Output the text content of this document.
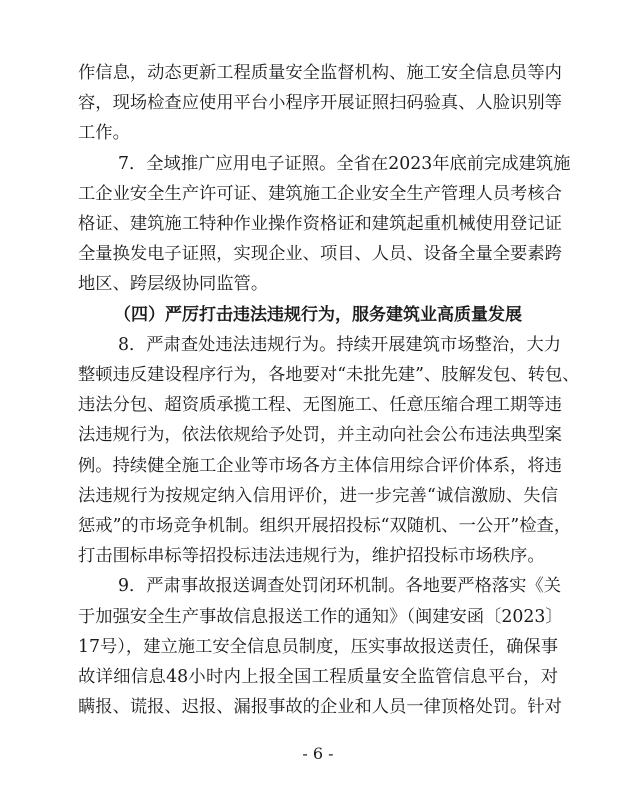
作信息，动态更新工程质量安全监督机构、施工安全信息员等内
容，现场检查应使用平台小程序开展证照扫码验真、人脸识别等
工作。
7．全域推广应用电子证照。全省在2023年底前完成建筑施
工企业安全生产许可证、建筑施工企业安全生产管理人员考核合
格证、建筑施工特种作业操作资格证和建筑起重机械使用登记证
全量换发电子证照，实现企业、项目、人员、设备全量全要素跨
地区、跨层级协同监管。
（四）严厉打击违法违规行为，服务建筑业高质量发展
8．严肃查处违法违规行为。持续开展建筑市场整治，大力
整顿违反建设程序行为，各地要对“未批先建”、肢解发包、转包、
违法分包、超资质承揽工程、无图施工、任意压缩合理工期等违
法违规行为，依法依规给予处罚，并主动向社会公布违法典型案
例。持续健全施工企业等市场各方主体信用综合评价体系，将违
法违规行为按规定纳入信用评价，进一步完善“诚信激励、失信
惩戒”的市场竞争机制。组织开展招投标“双随机、一公开”检查，
打击围标串标等招投标违法违规行为，维护招投标市场秩序。
9．严肃事故报送调查处罚闭环机制。各地要严格落实《关
于加强安全生产事故信息报送工作的通知》（闽建安函〔2023〕
17号），建立施工安全信息员制度，压实事故报送责任，确保事
故详细信息48小时内上报全国工程质量安全监管信息平台，对
瞒报、谎报、迟报、漏报事故的企业和人员一律顶格处罚。针对
- 6 -
